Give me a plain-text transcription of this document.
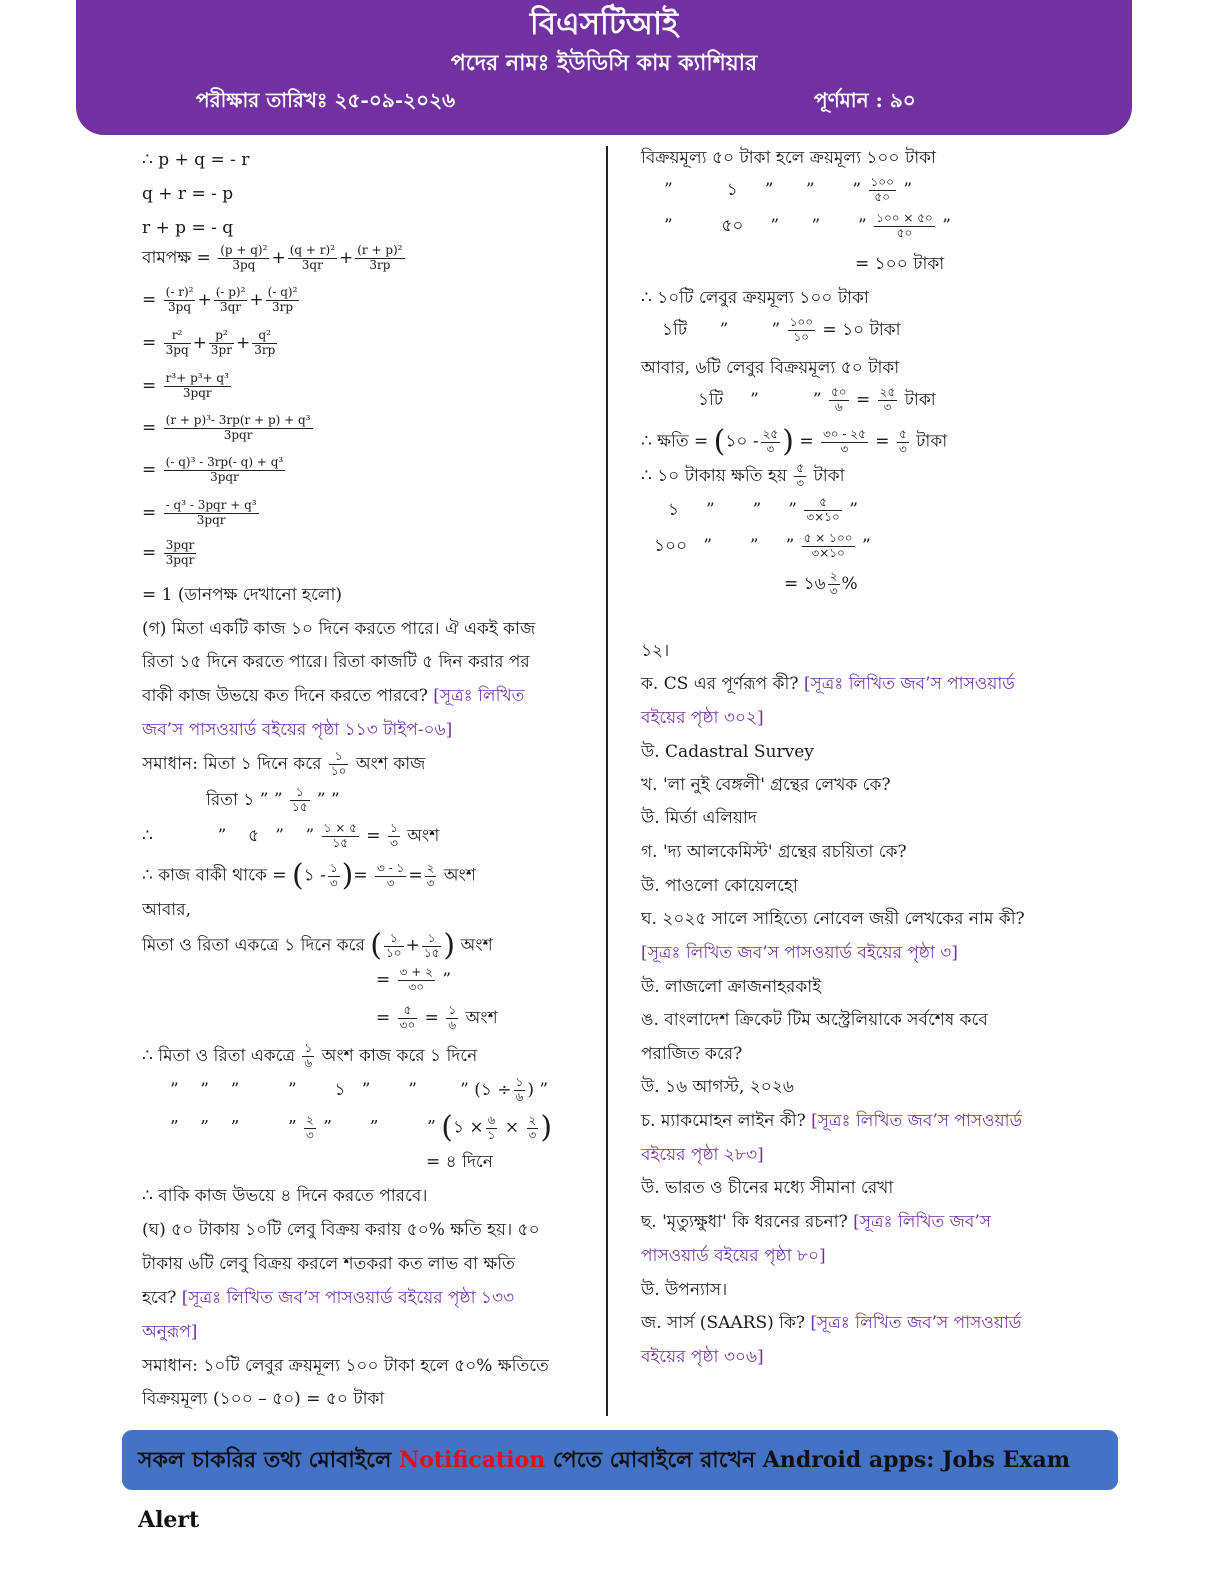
বিএসটিআই
পদের নামঃ ইউডিসি কাম ক্যাশিয়ার
পরীক্ষার তারিখঃ ২৫-০৯-২০২৬	পূর্ণমান : ৯০
∴ p + q = - r
q + r = - p
r + p = - q
বামপক্ষ = $\frac{\text{(p + q)²}}{3pq} + \frac{\text{(q + r)²}}{3qr} + \frac{\text{(r + p)²}}{3rp}$
= $\frac{\text{(- r)²}}{3pq} + \frac{\text{(- p)²}}{3qr} + \frac{\text{(- q)²}}{3rp}$
= $\frac{\text{r²}}{3pq} + \frac{\text{p²}}{3pr} + \frac{\text{q²}}{3rp}$
= $\frac{\text{r³+ p³+ q³}}{\text{3pqr}}$
= $\frac{\text{(r + p)³- 3rp(r + p) + q³}}{\text{3pqr}}$
= $\frac{\text{(- q)³ - 3rp(- q) + q³}}{\text{3pqr}}$
= $\frac{\text{- q³ - 3pqr + q³}}{\text{3pqr}}$
= $\frac{\text{3pqr}}{\text{3pqr}}$
= 1 (ডানপক্ষ দেখানো হলো)
(গ) মিতা একটি কাজ ১০ দিনে করতে পারে। ঐ একই কাজ
রিতা ১৫ দিনে করতে পারে। রিতা কাজটি ৫ দিন করার পর
বাকী কাজ উভয়ে কত দিনে করতে পারবে? [সূত্রঃ লিখিত
জব’স পাসওয়ার্ড বইয়ের পৃষ্ঠা ১১৩ টাইপ-০৬]
সমাধান: মিতা ১ দিনে করে $\frac{১}{১০}$ অংশ কাজ
রিতা ১ ” ” $\frac{১}{১৫}$ ” ”
∴            ”    ৫   ”    ” $\frac{১ \times ৫}{১৫} = \frac{১}{৩}$ অংশ
∴ কাজ বাকী থাকে = (১ - $\frac{১}{৩}$ )= $\frac{৩ - ১}{৩} = \frac{২}{৩}$ অংশ
আবার,
মিতা ও রিতা একত্রে ১ দিনে করে ( $\frac{১}{১০} + \frac{১}{১৫}$ ) অংশ
= $\frac{৩ + ২}{৩০}$ ”
= $\frac{৫}{৩০} = \frac{১}{৬}$ অংশ
∴ মিতা ও রিতা একত্রে $\frac{১}{৬}$ অংশ কাজ করে ১ দিনে
”    ”    ”         ”       ১   ”       ”        ” (১ ÷ $\frac{১}{৬}$ ) ”
”    ”    ”         ” $\frac{২}{৩}$ ”       ”         ” (১ × $\frac{৬}{১} \times \frac{২}{৩}$ )
= ৪ দিনে
∴ বাকি কাজ উভয়ে ৪ দিনে করতে পারবে।
(ঘ) ৫০ টাকায় ১০টি লেবু বিক্রয় করায় ৫০% ক্ষতি হয়। ৫০
টাকায় ৬টি লেবু বিক্রয় করলে শতকরা কত লাভ বা ক্ষতি
হবে? [সূত্রঃ লিখিত জব’স পাসওয়ার্ড বইয়ের পৃষ্ঠা ১৩৩
অনুরূপ]
সমাধান: ১০টি লেবুর ক্রয়মূল্য ১০০ টাকা হলে ৫০% ক্ষতিতে
বিক্রয়মূল্য (১০০ – ৫০) = ৫০ টাকা
বিক্রয়মূল্য ৫০ টাকা হলে ক্রয়মূল্য ১০০ টাকা
”          ১     ”      ”       ” $\frac{১০০}{৫০}$ ”
”         ৫০     ”      ”       ” $\frac{১০০ \times ৫০}{৫০}$ ”
= ১০০ টাকা
∴ ১০টি লেবুর ক্রয়মূল্য ১০০ টাকা
১টি      ”        ” $\frac{১০০}{১০}$ = ১০ টাকা
আবার, ৬টি লেবুর বিক্রয়মূল্য ৫০ টাকা
১টি     ”          ” $\frac{৫০}{৬} = \frac{২৫}{৩}$ টাকা
∴ ক্ষতি = (১০ - $\frac{২৫}{৩}$ ) = $\frac{৩০ - ২৫}{৩} = \frac{৫}{৩}$ টাকা
∴ ১০ টাকায় ক্ষতি হয় $\frac{৫}{৩}$ টাকা
১     ”       ”     ” $\frac{৫}{৩\times ১০}$ ”
১০০   ”       ”     ” $\frac{৫ \times ১০০}{৩\times ১০}$ ”
= ১৬ $\frac{২}{৩}$ %
১২।
ক. CS এর পূর্ণরূপ কী? [সূত্রঃ লিখিত জব’স পাসওয়ার্ড
বইয়ের পৃষ্ঠা ৩০২]
উ. Cadastral Survey
খ. 'লা নুই বেঙ্গলী' গ্রন্থের লেখক কে?
উ. মির্তা এলিয়াদ
গ. 'দ্য আলকেমিস্ট' গ্রন্থের রচয়িতা কে?
উ. পাওলো কোয়েলহো
ঘ. ২০২৫ সালে সাহিত্যে নোবেল জয়ী লেখকের নাম কী?
[সূত্রঃ লিখিত জব’স পাসওয়ার্ড বইয়ের পৃষ্ঠা ৩]
উ. লাজলো ক্রাজনাহরকাই
ঙ. বাংলাদেশ ক্রিকেট টিম অস্ট্রেলিয়াকে সর্বশেষ কবে
পরাজিত করে?
উ. ১৬ আগস্ট, ২০২৬
চ. ম্যাকমোহন লাইন কী? [সূত্রঃ লিখিত জব’স পাসওয়ার্ড
বইয়ের পৃষ্ঠা ২৮৩]
উ. ভারত ও চীনের মধ্যে সীমানা রেখা
ছ. 'মৃত্যুক্ষুধা' কি ধরনের রচনা? [সূত্রঃ লিখিত জব’স
পাসওয়ার্ড বইয়ের পৃষ্ঠা ৮০]
উ. উপন্যাস।
জ. সার্স (SAARS) কি? [সূত্রঃ লিখিত জব’স পাসওয়ার্ড
বইয়ের পৃষ্ঠা ৩০৬]
সকল চাকরির তথ্য মোবাইলে Notification পেতে মোবাইলে রাখেন Android apps: Jobs Exam Alert
